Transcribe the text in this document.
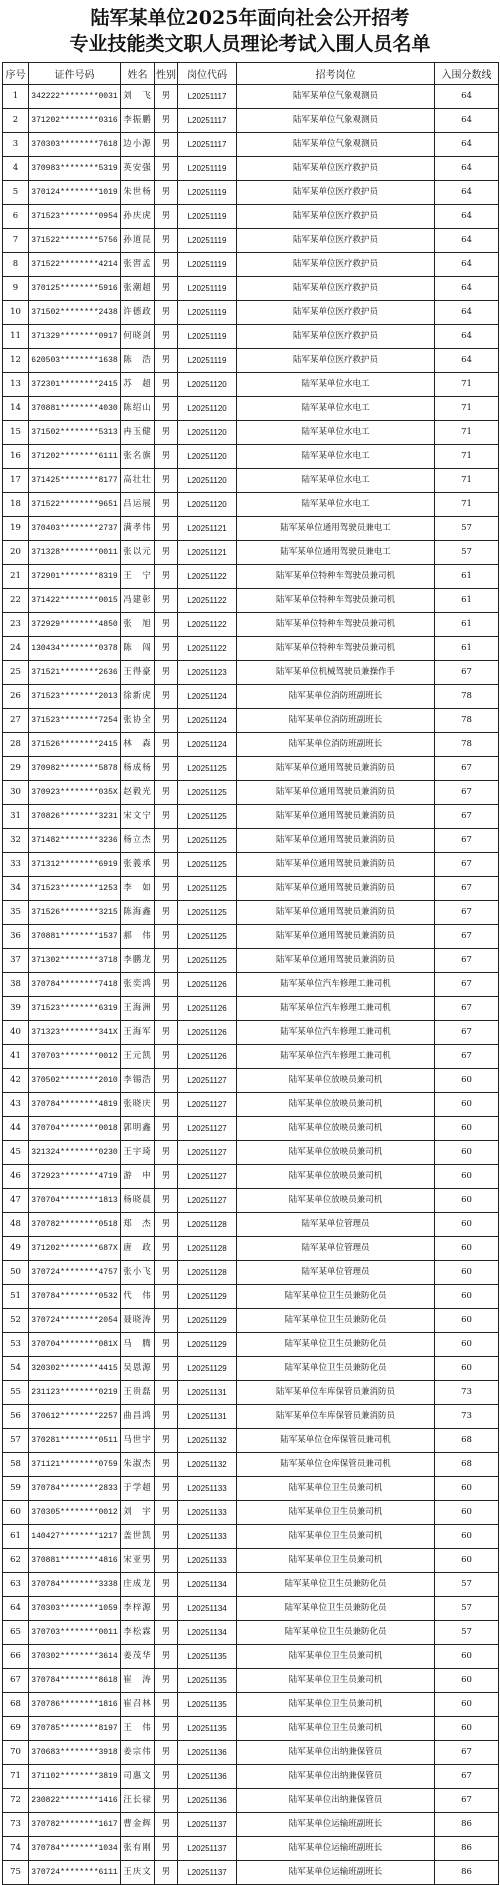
陆军某单位2025年面向社会公开招考
专业技能类文职人员理论考试入围人员名单
序号	证件号码	姓名	性别	岗位代码	招考岗位	入围分数线
1	342222********0031	刘　飞	男	L20251117	陆军某单位气象观测员	64
2	371202********0316	李振鹏	男	L20251117	陆军某单位气象观测员	64
3	370303********7618	边小源	男	L20251117	陆军某单位气象观测员	64
4	370983********5319	英安强	男	L20251119	陆军某单位医疗救护员	64
5	370124********1019	朱世杨	男	L20251119	陆军某单位医疗救护员	64
6	371523********0954	孙庆虎	男	L20251119	陆军某单位医疗救护员	64
7	371522********5756	孙道昆	男	L20251119	陆军某单位医疗救护员	64
8	371522********4214	张習孟	男	L20251119	陆军某单位医疗救护员	64
9	370125********5916	张潮超	男	L20251119	陆军某单位医疗救护员	64
10	371502********2438	许德政	男	L20251119	陆军某单位医疗救护员	64
11	371329********0917	何晓剑	男	L20251119	陆军某单位医疗救护员	64
12	620503********1638	陈　浩	男	L20251119	陆军某单位医疗救护员	64
13	372301********2415	苏　超	男	L20251120	陆军某单位水电工	71
14	370881********4030	陈绍山	男	L20251120	陆军某单位水电工	71
15	371502********5313	冉玉健	男	L20251120	陆军某单位水电工	71
16	371202********6111	张名旗	男	L20251120	陆军某单位水电工	71
17	371425********8177	高壮壮	男	L20251120	陆军某单位水电工	71
18	371522********9651	吕运展	男	L20251120	陆军某单位水电工	71
19	370403********2737	满孝伟	男	L20251121	陆军某单位通用驾驶员兼电工	57
20	371328********0011	张以元	男	L20251121	陆军某单位通用驾驶员兼电工	57
21	372901********8319	王　宁	男	L20251122	陆军某单位特种车驾驶员兼司机	61
22	371422********0015	冯建彰	男	L20251122	陆军某单位特种车驾驶员兼司机	61
23	372929********4850	张　旭	男	L20251122	陆军某单位特种车驾驶员兼司机	61
24	130434********0378	陈　闯	男	L20251122	陆军某单位特种车驾驶员兼司机	61
25	371521********2636	王得豪	男	L20251123	陆军某单位机械驾驶员兼操作手	67
26	371523********2013	徐新虎	男	L20251124	陆军某单位消防班副班长	78
27	371523********7254	张协全	男	L20251124	陆军某单位消防班副班长	78
28	371526********2415	林　森	男	L20251124	陆军某单位消防班副班长	78
29	370982********5878	杨成杨	男	L20251125	陆军某单位通用驾驶员兼消防员	67
30	370923********035X	赵毅光	男	L20251125	陆军某单位通用驾驶员兼消防员	67
31	370826********3231	宋文宁	男	L20251125	陆军某单位通用驾驶员兼消防员	67
32	371482********3236	杨立杰	男	L20251125	陆军某单位通用驾驶员兼消防员	67
33	371312********6919	张義承	男	L20251125	陆军某单位通用驾驶员兼消防员	67
34	371523********1253	李　如	男	L20251125	陆军某单位通用驾驶员兼消防员	67
35	371526********3215	陈海鑫	男	L20251125	陆军某单位通用驾驶员兼消防员	67
36	370881********1537	郝　伟	男	L20251125	陆军某单位通用驾驶员兼消防员	67
37	371302********3718	李鹏龙	男	L20251125	陆军某单位通用驾驶员兼消防员	67
38	370784********7418	张奕鸿	男	L20251126	陆军某单位汽车修理工兼司机	67
39	371523********6319	王海洲	男	L20251126	陆军某单位汽车修理工兼司机	67
40	371323********341X	王海军	男	L20251126	陆军某单位汽车修理工兼司机	67
41	370703********0012	王元凯	男	L20251126	陆军某单位汽车修理工兼司机	67
42	370502********2010	李锡浩	男	L20251127	陆军某单位放映员兼司机	60
43	370784********4819	张晓庆	男	L20251127	陆军某单位放映员兼司机	60
44	370704********0018	郭明鑫	男	L20251127	陆军某单位放映员兼司机	60
45	321324********0230	王宇琦	男	L20251127	陆军某单位放映员兼司机	60
46	372923********4719	游　申	男	L20251127	陆军某单位放映员兼司机	60
47	370704********1813	杨晓晨	男	L20251127	陆军某单位放映员兼司机	60
48	370782********0518	郑　杰	男	L20251128	陆军某单位管理员	60
49	371202********687X	唐　政	男	L20251128	陆军某单位管理员	60
50	370724********4757	张小飞	男	L20251128	陆军某单位管理员	60
51	370784********0532	代　伟	男	L20251129	陆军某单位卫生员兼防化员	60
52	370724********2054	聂晓涛	男	L20251129	陆军某单位卫生员兼防化员	60
53	370704********081X	马　腾	男	L20251129	陆军某单位卫生员兼防化员	60
54	320302********4415	吴恩源	男	L20251129	陆军某单位卫生员兼防化员	60
55	231123********0219	王贵磊	男	L20251131	陆军某单位车库保管员兼消防员	73
56	370612********2257	曲昌鸿	男	L20251131	陆军某单位车库保管员兼消防员	73
57	370281********0511	马世宇	男	L20251132	陆军某单位仓库保管员兼司机	68
58	371121********0759	朱淑杰	男	L20251132	陆军某单位仓库保管员兼司机	68
59	370784********2833	于学超	男	L20251133	陆军某单位卫生员兼司机	60
60	370305********0012	刘　宇	男	L20251133	陆军某单位卫生员兼司机	60
61	140427********1217	盖世凯	男	L20251133	陆军某单位卫生员兼司机	60
62	370881********4816	宋亚男	男	L20251133	陆军某单位卫生员兼司机	60
63	370784********3338	庄成龙	男	L20251134	陆军某单位卫生员兼防化员	57
64	370303********1059	李梓源	男	L20251134	陆军某单位卫生员兼防化员	57
65	370703********0011	李松霖	男	L20251134	陆军某单位卫生员兼防化员	57
66	370302********3614	姜茂华	男	L20251135	陆军某单位卫生员兼司机	60
67	370784********8618	崔　涛	男	L20251135	陆军某单位卫生员兼司机	60
68	370786********1816	崔召林	男	L20251135	陆军某单位卫生员兼司机	60
69	370785********8197	王　伟	男	L20251135	陆军某单位卫生员兼司机	60
70	370683********3918	姜宗伟	男	L20251136	陆军某单位出纳兼保管员	67
71	371102********3819	司惠文	男	L20251136	陆军某单位出纳兼保管员	67
72	230822********1416	汪长禄	男	L20251136	陆军某单位出纳兼保管员	67
73	370782********1617	曹金辉	男	L20251137	陆军某单位运输班副班长	86
74	370784********1034	张有刚	男	L20251137	陆军某单位运输班副班长	86
75	370724********6111	王庆文	男	L20251137	陆军某单位运输班副班长	86
